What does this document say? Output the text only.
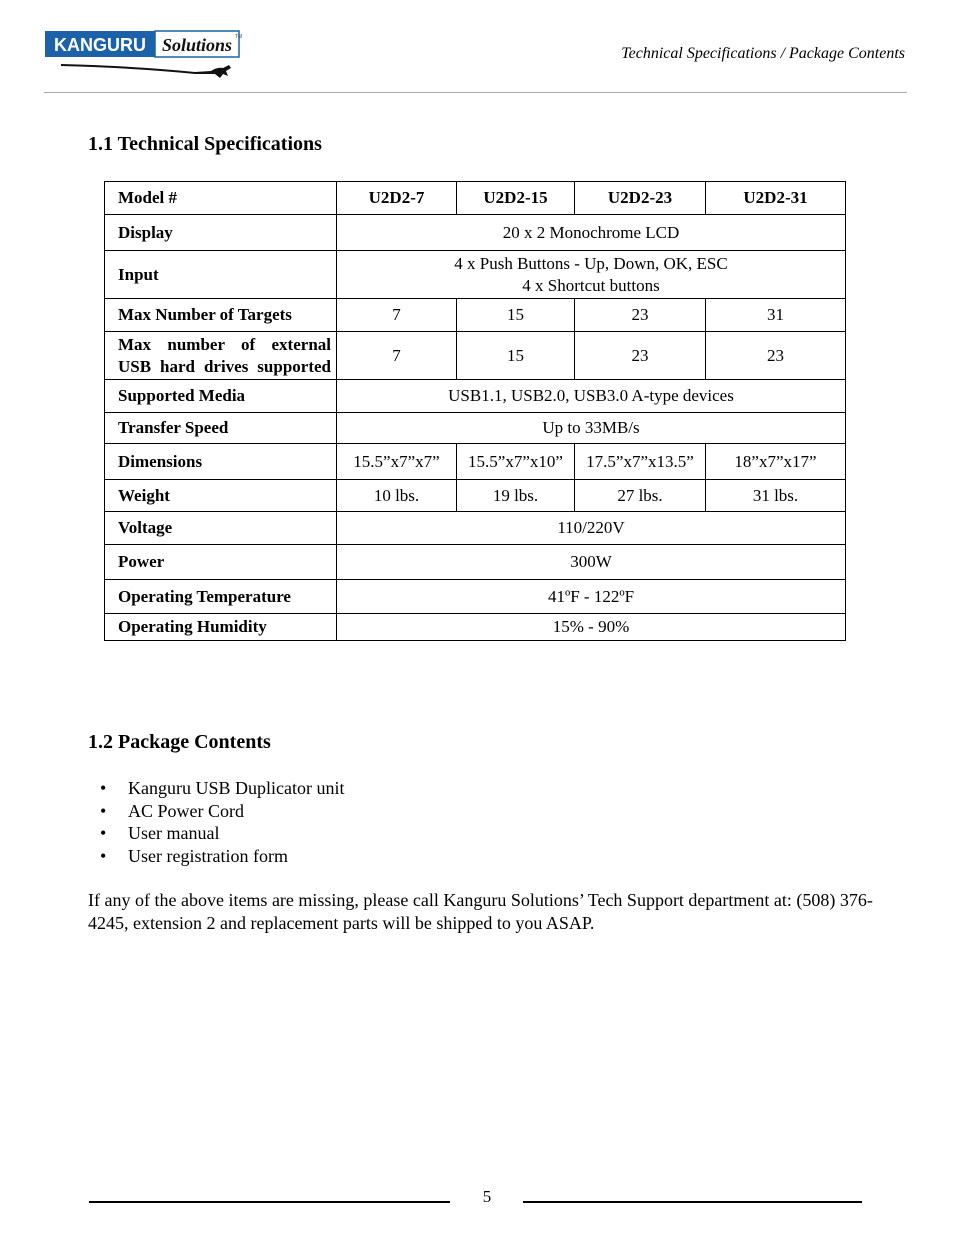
KANGURU Solutions TM
Technical Specifications / Package Contents
1.1 Technical Specifications
Model #	U2D2-7	U2D2-15	U2D2-23	U2D2-31
Display	20 x 2 Monochrome LCD			
Input	4 x Push Buttons - Up, Down, OK, ESC
4 x Shortcut buttons			

Max Number of Targets	7	15	23	31
Max number of external USB hard drives supported	7	15	23	23
Supported Media	USB1.1, USB2.0, USB3.0 A-type devices			
Transfer Speed	Up to 33MB/s			
Dimensions	15.5”x7”x7”	15.5”x7”x10”	17.5”x7”x13.5”	18”x7”x17”
Weight	10 lbs.	19 lbs.	27 lbs.	31 lbs.
Voltage	110/220V			
Power	300W			
Operating Temperature	41ºF - 122ºF			
Operating Humidity	15% - 90%			
1.2 Package Contents
• Kanguru USB Duplicator unit
• AC Power Cord
• User manual
• User registration form

If any of the above items are missing, please call Kanguru Solutions’ Tech Support department at: (508) 376-4245, extension 2 and replacement parts will be shipped to you ASAP.

5
